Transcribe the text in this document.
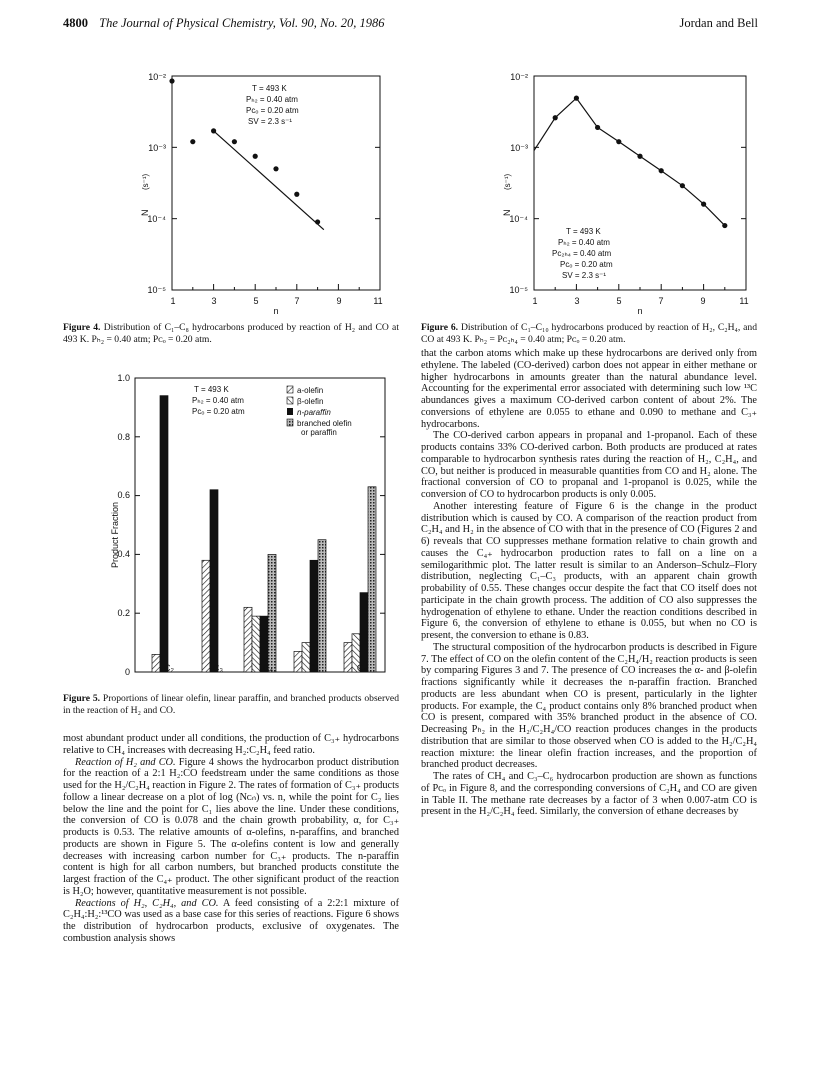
4800 The Journal of Physical Chemistry, Vol. 90, No. 20, 1986	Jordan and Bell
10⁻²
10⁻³
10⁻⁴
10⁻⁵
1	3	5	7	9	11
n
N
(s⁻¹)
T = 493 K
Pₕ₂ = 0.40 atm
Pᴄₒ = 0.20 atm
SV = 2.3 s⁻¹
Figure 4. Distribution of C₁–C₈ hydrocarbons produced by reaction of H₂ and CO at 493 K. Pₕ₂ = 0.40 atm; Pᴄₒ = 0.20 atm.
0
0.2
0.4
0.6
0.8
1.0
Product Fraction
C₂	C₃	C₄	C₅	C₆
T = 493 K
Pₕ₂ = 0.40 atm
Pᴄₒ = 0.20 atm
a-olefin
β-olefin
n-paraffin
branched olefin
or paraffin
Figure 5. Proportions of linear olefin, linear paraffin, and branched products observed in the reaction of H₂ and CO.
10⁻²
10⁻³
10⁻⁴
10⁻⁵
1	3	5	7	9	11
n
N
(s⁻¹)
T = 493 K
Pₕ₂ = 0.40 atm
Pᴄ₂ₕ₄ = 0.40 atm
Pᴄₒ = 0.20 atm
SV = 2.3 s⁻¹
Figure 6. Distribution of C₁–C₁₀ hydrocarbons produced by reaction of H₂, C₂H₄, and CO at 493 K. Pₕ₂ = Pᴄ₂ₕ₄ = 0.40 atm; Pᴄₒ = 0.20 atm.

most abundant product under all conditions, the production of C₃₊ hydrocarbons relative to CH₄ increases with decreasing H₂:C₂H₄ feed ratio.

Reaction of H₂ and CO. Figure 4 shows the hydrocarbon product distribution for the reaction of a 2:1 H₂:CO feedstream under the same conditions as those used for the H₂/C₂H₄ reaction in Figure 2. The rates of formation of C₃₊ products follow a linear decrease on a plot of log (Nᴄₙ) vs. n, while the point for C₂ lies below the line and the point for C₁ lies above the line. Under these conditions, the conversion of CO is 0.078 and the chain growth probability, α, for C₃₊ products is 0.53. The relative amounts of α-olefins, n-paraffins, and branched products are shown in Figure 5. The α-olefins content is low and generally decreases with increasing carbon number for C₃₊ products. The n-paraffin content is high for all carbon numbers, but branched products constitute the largest fraction of the C₄₊ product. The other significant product of the reaction is H₂O; however, quantitative measurement is not possible.

Reactions of H₂, C₂H₄, and CO. A feed consisting of a 2:2:1 mixture of C₂H₄:H₂:¹³CO was used as a base case for this series of reactions. Figure 6 shows the distribution of hydrocarbon products, exclusive of oxygenates. The combustion analysis shows

that the carbon atoms which make up these hydrocarbons are derived only from ethylene. The labeled (CO-derived) carbon does not appear in either methane or higher hydrocarbons in amounts greater than the natural abundance level. Accounting for the experimental error associated with determining such low ¹³C abundances gives a maximum CO-derived carbon content of about 2%. The conversions of ethylene are 0.055 to ethane and 0.090 to methane and C₃₊ hydrocarbons.

The CO-derived carbon appears in propanal and 1-propanol. Each of these products contains 33% CO-derived carbon. Both products are produced at rates comparable to hydrocarbon synthesis rates during the reaction of H₂, C₂H₄, and CO, but neither is produced in measurable quantities from CO and H₂ alone. The fractional conversion of CO to propanal and 1-propanol is 0.025, while the conversion of CO to hydrocarbon products is only 0.005.

Another interesting feature of Figure 6 is the change in the product distribution which is caused by CO. A comparison of the reaction product from C₂H₄ and H₂ in the absence of CO with that in the presence of CO (Figures 2 and 6) reveals that CO suppresses methane formation relative to chain growth and causes the C₄₊ hydrocarbon production rates to fall on a line on a semilogarithmic plot. The latter result is similar to an Anderson–Schulz–Flory distribution, neglecting C₁–C₃ products, with an apparent chain growth probability of 0.55. These changes occur despite the fact that CO itself does not participate in the chain growth process. The addition of CO also suppresses the hydrogenation of ethylene to ethane. Under the reaction conditions described in Figure 6, the conversion of ethylene to ethane is 0.055, but when no CO is present, the conversion to ethane is 0.83.

The structural composition of the hydrocarbon products is described in Figure 7. The effect of CO on the olefin content of the C₂H₄/H₂ reaction products is seen by comparing Figures 3 and 7. The presence of CO increases the α- and β-olefin fractions significantly while it decreases the n-paraffin fraction. Branched products are less abundant when CO is present, particularly in the lighter products. For example, the C₄ product contains only 8% branched product when CO is present, compared with 35% branched product in the absence of CO. Decreasing Pₕ₂ in the H₂/C₂H₄/CO reaction produces changes in the products distribution that are similar to those observed when CO is added to the H₂/C₂H₄ reaction mixture: the linear olefin fraction increases, and the proportion of branched product decreases.

The rates of CH₄ and C₃–C₆ hydrocarbon production are shown as functions of Pᴄₒ in Figure 8, and the corresponding conversions of C₂H₄ and CO are given in Table II. The methane rate decreases by a factor of 3 when 0.007-atm CO is present in the H₂/C₂H₄ feed. Similarly, the conversion of ethane decreases by
